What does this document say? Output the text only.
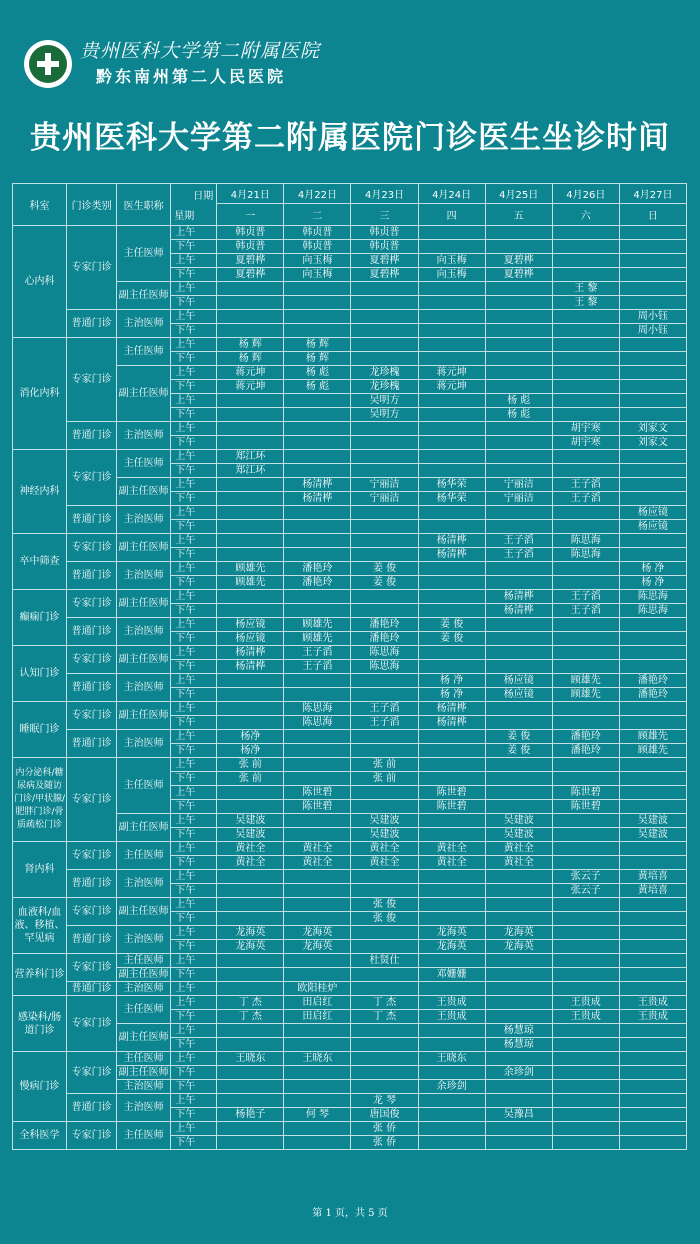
贵州医科大学第二附属医院
黔东南州第二人民医院
贵州医科大学第二附属医院门诊医生坐诊时间
科室	门诊类别	医生职称	日期
星期	4月21日	4月22日	4月23日	4月24日	4月25日	4月26日	4月27日
				一	二	三	四	五	六	日
心内科	专家门诊	主任医师	上午	韩贞普	韩贞普	韩贞普				
			下午	韩贞普	韩贞普	韩贞普				
			上午	夏碧桦	向玉梅	夏碧桦	向玉梅	夏碧桦		
			下午	夏碧桦	向玉梅	夏碧桦	向玉梅	夏碧桦		
		副主任医师	上午						王 黎	
			下午						王 黎	
	普通门诊	主治医师	上午							周小钰
			下午							周小钰
消化内科	专家门诊	主任医师	上午	杨 辉	杨 辉					
			下午	杨 辉	杨 辉					
		副主任医师	上午	蒋元坤	杨 彪	龙珍槐	蒋元坤			
			下午	蒋元坤	杨 彪	龙珍槐	蒋元坤			
			上午			吴明方		杨 彪		
			下午			吴明方		杨 彪		
	普通门诊	主治医师	上午						胡宇寒	刘家文
			下午						胡宇寒	刘家文
神经内科	专家门诊	主任医师	上午	郑江环						
			下午	郑江环						
		副主任医师	上午		杨清桦	宁丽洁	杨华荣	宁丽洁	王子滔	
			下午		杨清桦	宁丽洁	杨华荣	宁丽洁	王子滔	
	普通门诊	主治医师	上午							杨应镜
			下午							杨应镜
卒中筛查	专家门诊	副主任医师	上午				杨清桦	王子滔	陈思海	
			下午				杨清桦	王子滔	陈思海	
	普通门诊	主治医师	上午	顾雄先	潘艳玲	姜 俊				杨 净
			下午	顾雄先	潘艳玲	姜 俊				杨 净
癫痫门诊	专家门诊	副主任医师	上午					杨清桦	王子滔	陈思海
			下午					杨清桦	王子滔	陈思海
	普通门诊	主治医师	上午	杨应镜	顾雄先	潘艳玲	姜 俊			
			下午	杨应镜	顾雄先	潘艳玲	姜 俊			
认知门诊	专家门诊	副主任医师	上午	杨清桦	王子滔	陈思海				
			下午	杨清桦	王子滔	陈思海				
	普通门诊	主治医师	上午				杨 净	杨应镜	顾雄先	潘艳玲
			下午				杨 净	杨应镜	顾雄先	潘艳玲
睡眠门诊	专家门诊	副主任医师	上午		陈思海	王子滔	杨清桦			
			下午		陈思海	王子滔	杨清桦			
	普通门诊	主治医师	上午	杨净				姜 俊	潘艳玲	顾雄先
			下午	杨净				姜 俊	潘艳玲	顾雄先
内分泌科/糖尿病及随访门诊/甲状腺/肥胖门诊/骨质疏松门诊	专家门诊	主任医师	上午	张 前		张 前				
			下午	张 前		张 前				
			上午		陈世碧		陈世碧		陈世碧	
			下午		陈世碧		陈世碧		陈世碧	
		副主任医师	上午	吴建波		吴建波		吴建波		吴建波
			下午	吴建波		吴建波		吴建波		吴建波
肾内科	专家门诊	主任医师	上午	黄社全	黄社全	黄社全	黄社全	黄社全		
			下午	黄社全	黄社全	黄社全	黄社全	黄社全		
	普通门诊	主治医师	上午						张云子	黄培喜
			下午						张云子	黄培喜
血液科/血液、移植、罕见病	专家门诊	副主任医师	上午			张 俊				
			下午			张 俊				
	普通门诊	主治医师	上午	龙海英	龙海英		龙海英	龙海英		
			下午	龙海英	龙海英		龙海英	龙海英		
营养科门诊	专家门诊	主任医师	上午			杜贤仕				
		副主任医师	下午				邓姗姗			
	普通门诊	主治医师	上午		欧阳桂炉					
感染科/肠道门诊	专家门诊	主任医师	上午	丁 杰	田启红	丁 杰	王贵成		王贵成	王贵成
			下午	丁 杰	田启红	丁 杰	王贵成		王贵成	王贵成
		副主任医师	上午					杨慧琼		
			下午					杨慧琼		
慢病门诊	专家门诊	主任医师	上午	王晓东	王晓东		王晓东			
		副主任医师	下午					余珍剑		
		主治医师	下午				余珍剑			
	普通门诊	主治医师	上午			龙 琴				
			下午	杨艳子	何 琴	唐国俊		吴豫昌		
全科医学	专家门诊	主任医师	上午			张 侨				
			下午			张 侨				
第 1 页，共 5 页
